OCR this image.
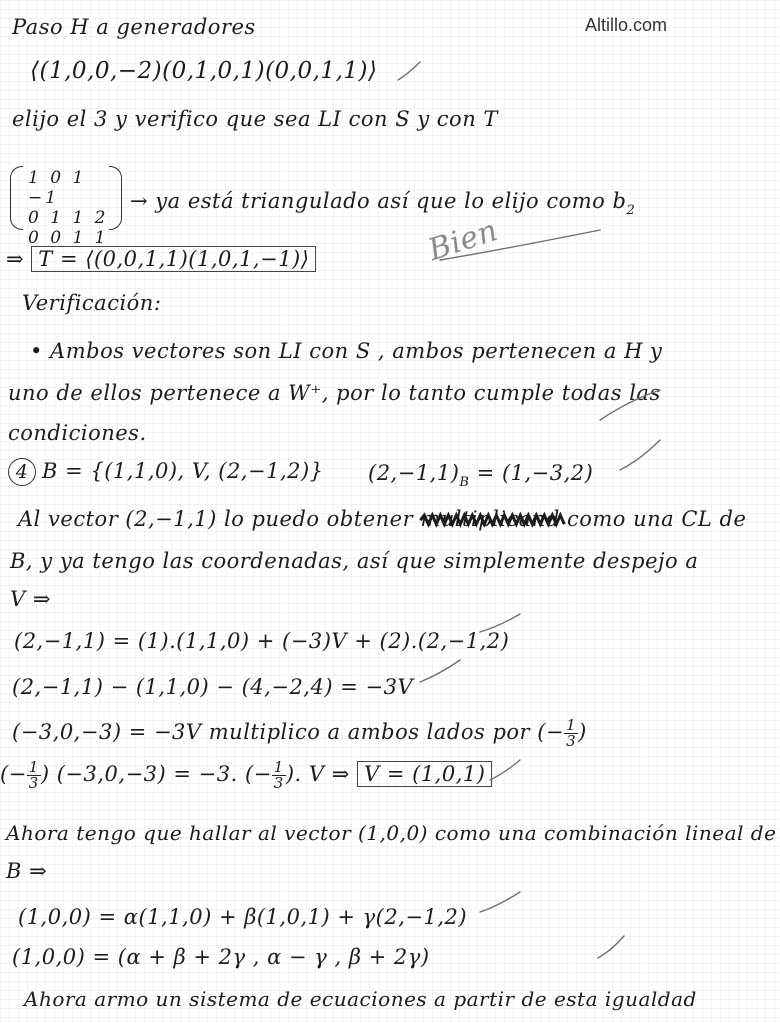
Altillo.com
Paso H a generadores
⟨(1,0,0,−2)(0,1,0,1)(0,0,1,1)⟩
elijo el 3 y verifico que sea LI con S y con T
1 0 1 −1
0 1 1 2
0 0 1 1
→ ya está triangulado así que lo elijo como $b_2$
⇒ T = ⟨(0,0,1,1)(1,0,1,−1)⟩
Verificación:
• Ambos vectores son LI con S , ambos pertenecen a H y
uno de ellos pertenece a W⁺, por lo tanto cumple todas las
condiciones.
4 B = {(1,1,0), V, (2,−1,2)} $(2,-1,1)_B = (1,-3,2)$
Al vector (2,−1,1) lo puedo obtener multiplicand como una CL de
B, y ya tengo las coordenadas, así que simplemente despejo a
V ⇒
(2,−1,1) = (1).(1,1,0) + (−3)V + (2).(2,−1,2)
(2,−1,1) − (1,1,0) − (4,−2,4) = −3V
(−3,0,−3) = −3V multiplico a ambos lados por (− $\frac{1}{3}$ )
(− $\frac{1}{3}$ ) (−3,0,−3) = −3. (− $\frac{1}{3}$ ). V ⇒ V = (1,0,1)
Ahora tengo que hallar al vector (1,0,0) como una combinación lineal de
B ⇒
(1,0,0) = α(1,1,0) + β(1,0,1) + γ(2,−1,2)
(1,0,0) = (α + β + 2γ , α − γ , β + 2γ)
Ahora armo un sistema de ecuaciones a partir de esta igualdad
Bien
